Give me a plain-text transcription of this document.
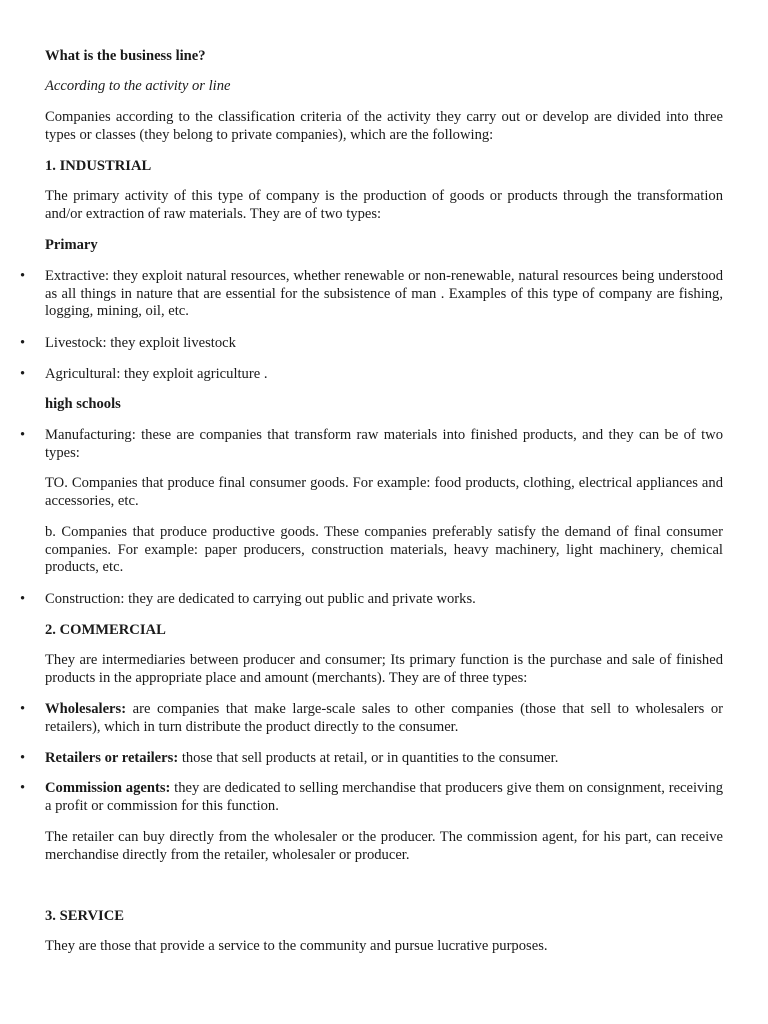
What is the business line?

According to the activity or line

Companies according to the classification criteria of the activity they carry out or develop are divided into three types or classes (they belong to private companies), which are the following:

1. INDUSTRIAL

The primary activity of this type of company is the production of goods or products through the transformation and/or extraction of raw materials. They are of two types:

Primary

•	Extractive: they exploit natural resources, whether renewable or non-renewable, natural resources being understood as all things in nature that are essential for the subsistence of man . Examples of this type of company are fishing, logging, mining, oil, etc.

•	Livestock: they exploit livestock

•	Agricultural: they exploit agriculture .

high schools

•	Manufacturing: these are companies that transform raw materials into finished products, and they can be of two types:

TO. Companies that produce final consumer goods. For example: food products, clothing, electrical appliances and accessories, etc.

b. Companies that produce productive goods. These companies preferably satisfy the demand of final consumer companies. For example: paper producers, construction materials, heavy machinery, light machinery, chemical products, etc.

•	Construction: they are dedicated to carrying out public and private works.

2. COMMERCIAL

They are intermediaries between producer and consumer; Its primary function is the purchase and sale of finished products in the appropriate place and amount (merchants). They are of three types:

•	Wholesalers: are companies that make large-scale sales to other companies (those that sell to wholesalers or retailers), which in turn distribute the product directly to the consumer.

•	Retailers or retailers: those that sell products at retail, or in quantities to the consumer.

•	Commission agents: they are dedicated to selling merchandise that producers give them on consignment, receiving a profit or commission for this function.

The retailer can buy directly from the wholesaler or the producer. The commission agent, for his part, can receive merchandise directly from the retailer, wholesaler or producer.

3. SERVICE

They are those that provide a service to the community and pursue lucrative purposes.
